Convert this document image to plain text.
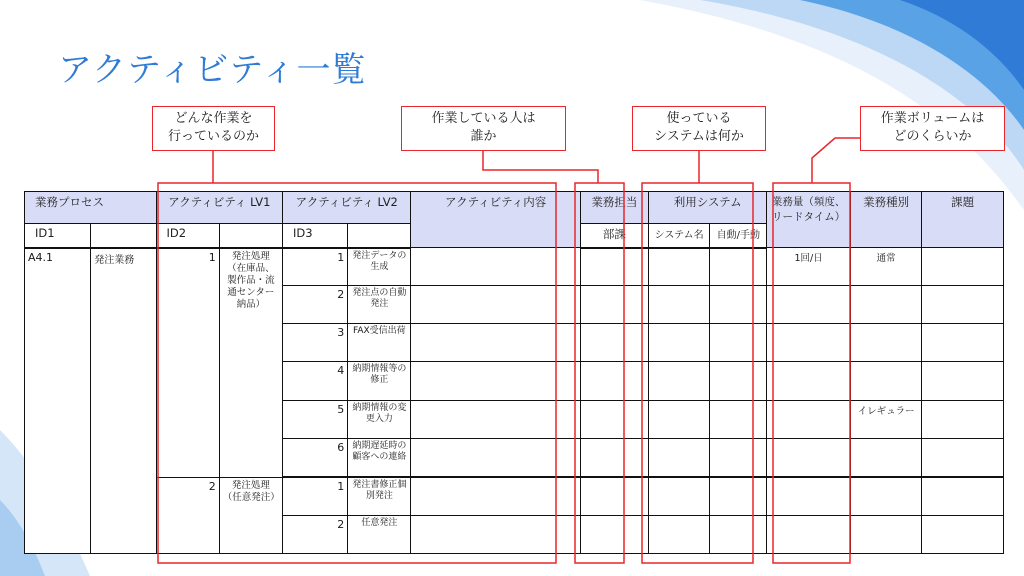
アクティビティ一覧
業務プロセス		アクティビティ LV1		アクティビティ LV2		アクティビティ内容	業務担当	利用システム		業務量（頻度、リードタイム）	業務種別	課題
ID1		ID2		ID3			部課	システム名	自動/手動			
A4.1	発注業務	1	発注処理（在庫品、製作品・流通センター納品）	1	発注データの生成					1回/日	通常	
				2	発注点の自動発注							
				3	FAX受信出荷							
				4	納期情報等の修正							
				5	納期情報の変更入力						イレギュラー	
				6	納期遅延時の顧客への連絡							
		2	発注処理（任意発注）	1	発注書修正個別発注							
				2	任意発注							
どんな作業を
行っているのか
作業している人は
誰か
使っている
システムは何か
作業ボリュームは
どのくらいか
